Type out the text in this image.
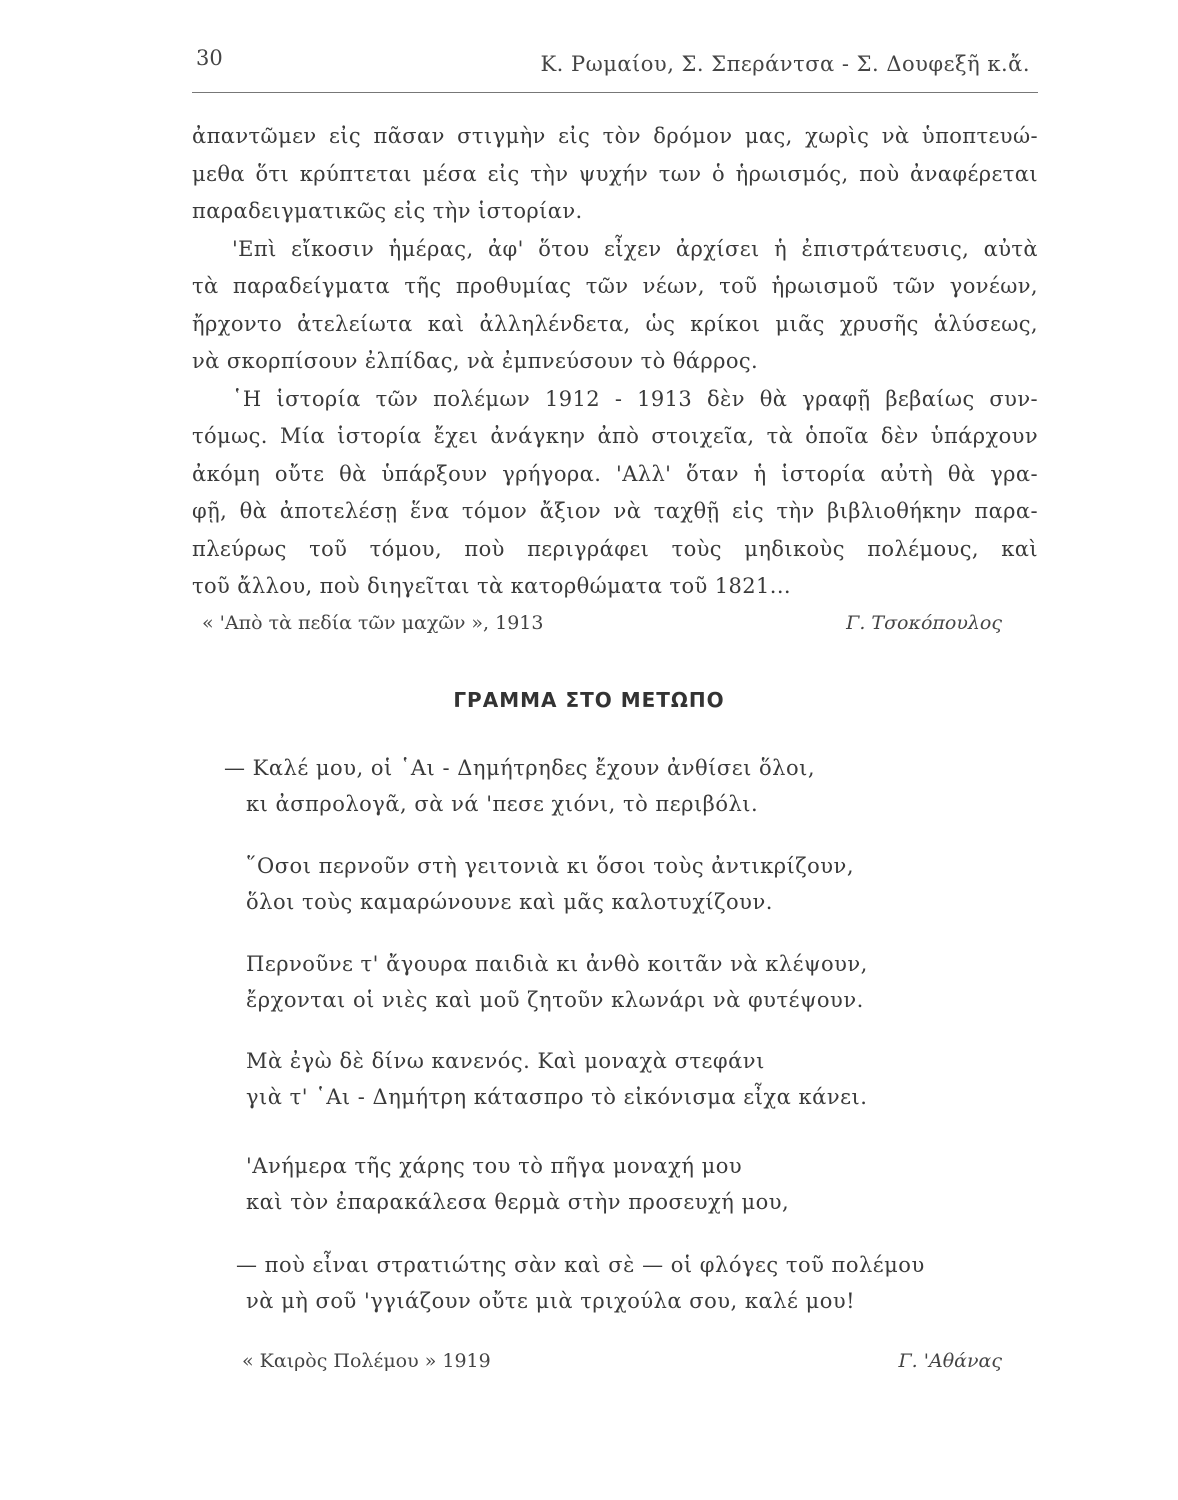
30	Κ. Ρωμαίου, Σ. Σπεράντσα - Σ. Δουφεξῆ κ.ἄ.
ἀπαντῶμεν εἰς πᾶσαν στιγμὴν εἰς τὸν δρόμον μας, χωρὶς νὰ ὑποπτευώ-
μεθα ὅτι κρύπτεται μέσα εἰς τὴν ψυχήν των ὁ ἡρωισμός, ποὺ ἀναφέρεται
παραδειγματικῶς εἰς τὴν ἱστορίαν.
'Επὶ εἴκοσιν ἡμέρας, ἀφ' ὅτου εἶχεν ἀρχίσει ἡ ἐπιστράτευσις, αὐτὰ
τὰ παραδείγματα τῆς προθυμίας τῶν νέων, τοῦ ἡρωισμοῦ τῶν γονέων,
ἤρχοντο ἀτελείωτα καὶ ἀλληλένδετα, ὡς κρίκοι μιᾶς χρυσῆς ἁλύσεως,
νὰ σκορπίσουν ἐλπίδας, νὰ ἐμπνεύσουν τὸ θάρρος.
῾Η ἱστορία τῶν πολέμων 1912 - 1913 δὲν θὰ γραφῇ βεβαίως συν-
τόμως. Μία ἱστορία ἔχει ἀνάγκην ἀπὸ στοιχεῖα, τὰ ὁποῖα δὲν ὑπάρχουν
ἀκόμη οὔτε θὰ ὑπάρξουν γρήγορα. 'Αλλ' ὅταν ἡ ἱστορία αὐτὴ θὰ γρα-
φῇ, θὰ ἀποτελέσῃ ἕνα τόμον ἄξιον νὰ ταχθῇ εἰς τὴν βιβλιοθήκην παρα-
πλεύρως τοῦ τόμου, ποὺ περιγράφει τοὺς μηδικοὺς πολέμους, καὶ
τοῦ ἄλλου, ποὺ διηγεῖται τὰ κατορθώματα τοῦ 1821...
« 'Απὸ τὰ πεδία τῶν μαχῶν », 1913	Γ. Τσοκόπουλος
ΓΡΑΜΜΑ ΣΤΟ ΜΕΤΩΠΟ
— Καλέ μου, οἱ ῾Αι - Δημήτρηδες ἔχουν ἀνθίσει ὅλοι,
κι ἀσπρολογᾶ, σὰ νά 'πεσε χιόνι, τὸ περιβόλι.
῞Οσοι περνοῦν στὴ γειτονιὰ κι ὅσοι τοὺς ἀντικρίζουν,
ὅλοι τοὺς καμαρώνουνε καὶ μᾶς καλοτυχίζουν.
Περνοῦνε τ' ἄγουρα παιδιὰ κι ἀνθὸ κοιτᾶν νὰ κλέψουν,
ἔρχονται οἱ νιὲς καὶ μοῦ ζητοῦν κλωνάρι νὰ φυτέψουν.
Μὰ ἐγὼ δὲ δίνω κανενός. Καὶ μοναχὰ στεφάνι
γιὰ τ' ῾Αι - Δημήτρη κάτασπρο τὸ εἰκόνισμα εἶχα κάνει.
'Ανήμερα τῆς χάρης του τὸ πῆγα μοναχή μου
καὶ τὸν ἐπαρακάλεσα θερμὰ στὴν προσευχή μου,
— ποὺ εἶναι στρατιώτης σὰν καὶ σὲ — οἱ φλόγες τοῦ πολέμου
νὰ μὴ σοῦ 'γγιάζουν οὔτε μιὰ τριχούλα σου, καλέ μου!
« Καιρὸς Πολέμου » 1919	Γ. 'Αθάνας
